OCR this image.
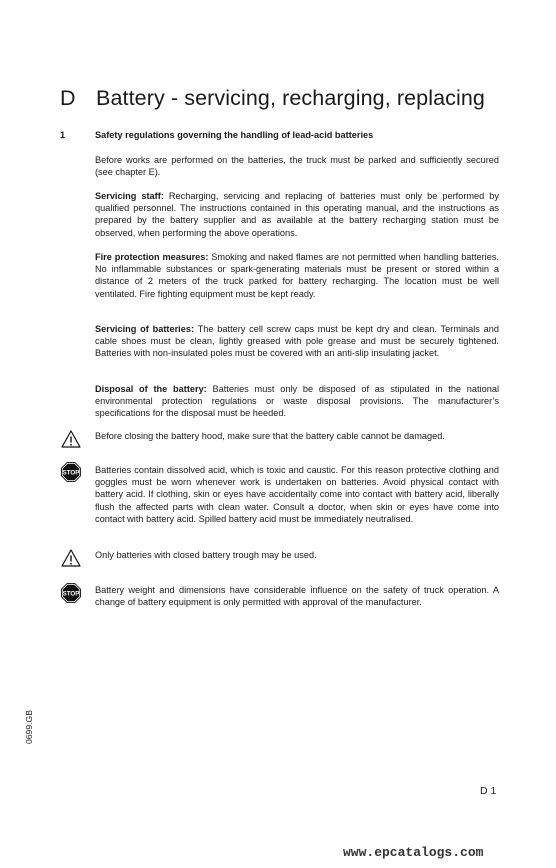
D Battery - servicing, recharging, replacing
1	Safety regulations governing the handling of lead-acid batteries

Before works are performed on the batteries, the truck must be parked and sufficiently secured (see chapter E).

Servicing staff: Recharging, servicing and replacing of batteries must only be performed by qualified personnel. The instructions contained in this operating manual, and the instructions as prepared by the battery supplier and as available at the battery recharging station must be observed, when performing the above operations.

Fire protection measures: Smoking and naked flames are not permitted when handling batteries. No inflammable substances or spark-generating materials must be present or stored within a distance of 2 meters of the truck parked for battery recharging. The location must be well ventilated. Fire fighting equipment must be kept ready.

Servicing of batteries: The battery cell screw caps must be kept dry and clean. Terminals and cable shoes must be clean, lightly greased with pole grease and must be securely tightened. Batteries with non-insulated poles must be covered with an anti-slip insulating jacket.

Disposal of the battery: Batteries must only be disposed of as stipulated in the national environmental protection regulations or waste disposal provisions. The manufacturer’s specifications for the disposal must be heeded.

Before closing the battery hood, make sure that the battery cable cannot be damaged.

STOP Batteries contain dissolved acid, which is toxic and caustic. For this reason protective clothing and goggles must be worn whenever work is undertaken on batteries. Avoid physical contact with battery acid. If clothing, skin or eyes have accidentally come into contact with battery acid, liberally flush the affected parts with clean water. Consult a doctor, when skin or eyes have come into contact with battery acid. Spilled battery acid must be immediately neutralised.

Only batteries with closed battery trough may be used.

STOP Battery weight and dimensions have considerable influence on the safety of truck operation. A change of battery equipment is only permitted with approval of the manufacturer.

0699.GB
D 1
www.epcatalogs.com
